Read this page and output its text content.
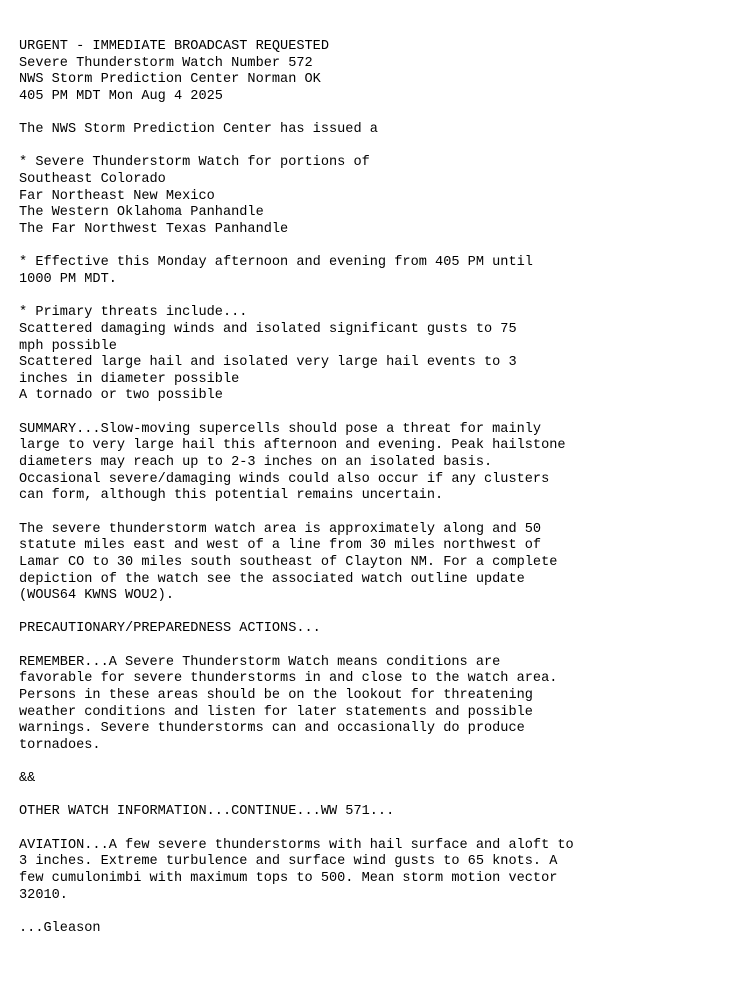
URGENT - IMMEDIATE BROADCAST REQUESTED
Severe Thunderstorm Watch Number 572
NWS Storm Prediction Center Norman OK
405 PM MDT Mon Aug 4 2025
The NWS Storm Prediction Center has issued a
* Severe Thunderstorm Watch for portions of
Southeast Colorado
Far Northeast New Mexico
The Western Oklahoma Panhandle
The Far Northwest Texas Panhandle
* Effective this Monday afternoon and evening from 405 PM until
1000 PM MDT.
* Primary threats include...
Scattered damaging winds and isolated significant gusts to 75
mph possible
Scattered large hail and isolated very large hail events to 3
inches in diameter possible
A tornado or two possible
SUMMARY...Slow-moving supercells should pose a threat for mainly
large to very large hail this afternoon and evening. Peak hailstone
diameters may reach up to 2-3 inches on an isolated basis.
Occasional severe/damaging winds could also occur if any clusters
can form, although this potential remains uncertain.
The severe thunderstorm watch area is approximately along and 50
statute miles east and west of a line from 30 miles northwest of
Lamar CO to 30 miles south southeast of Clayton NM. For a complete
depiction of the watch see the associated watch outline update
(WOUS64 KWNS WOU2).
PRECAUTIONARY/PREPAREDNESS ACTIONS...
REMEMBER...A Severe Thunderstorm Watch means conditions are
favorable for severe thunderstorms in and close to the watch area.
Persons in these areas should be on the lookout for threatening
weather conditions and listen for later statements and possible
warnings. Severe thunderstorms can and occasionally do produce
tornadoes.
&&
OTHER WATCH INFORMATION...CONTINUE...WW 571...
AVIATION...A few severe thunderstorms with hail surface and aloft to
3 inches. Extreme turbulence and surface wind gusts to 65 knots. A
few cumulonimbi with maximum tops to 500. Mean storm motion vector
32010.
...Gleason
